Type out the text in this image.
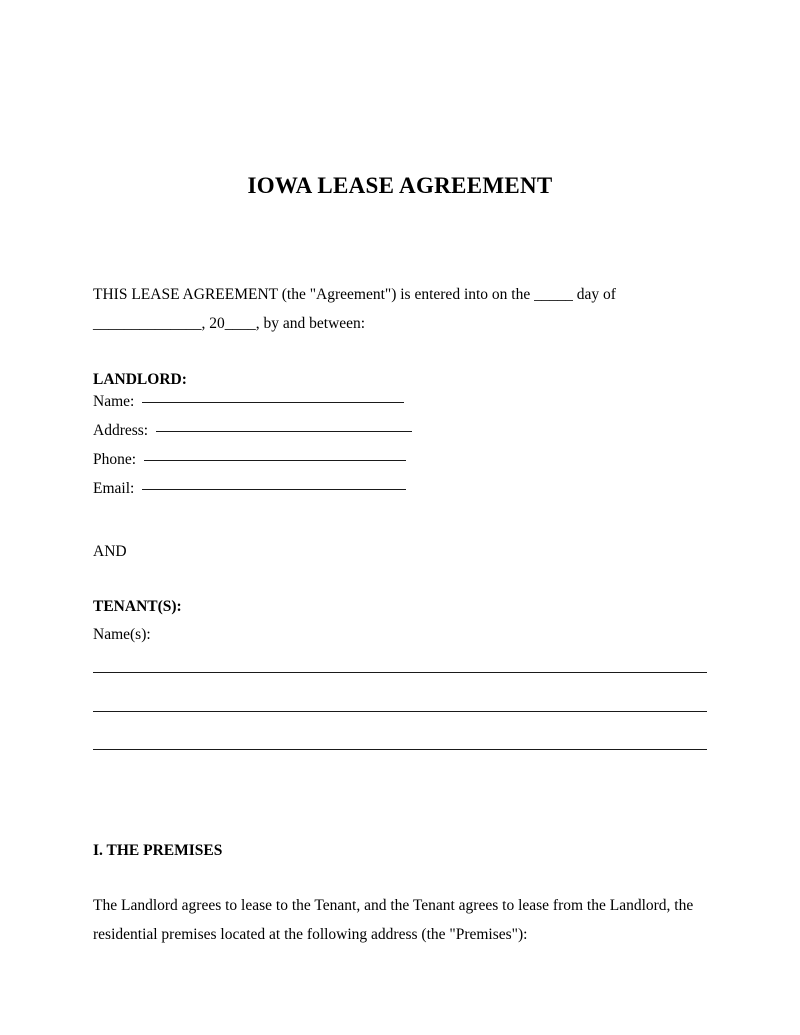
IOWA LEASE AGREEMENT
THIS LEASE AGREEMENT (the "Agreement") is entered into on the _____ day of ______________, 20____, by and between:
LANDLORD:
Name:
Address:
Phone:
Email:
AND
TENANT(S):
Name(s):
I. THE PREMISES
The Landlord agrees to lease to the Tenant, and the Tenant agrees to lease from the Landlord, the residential premises located at the following address (the "Premises"):
